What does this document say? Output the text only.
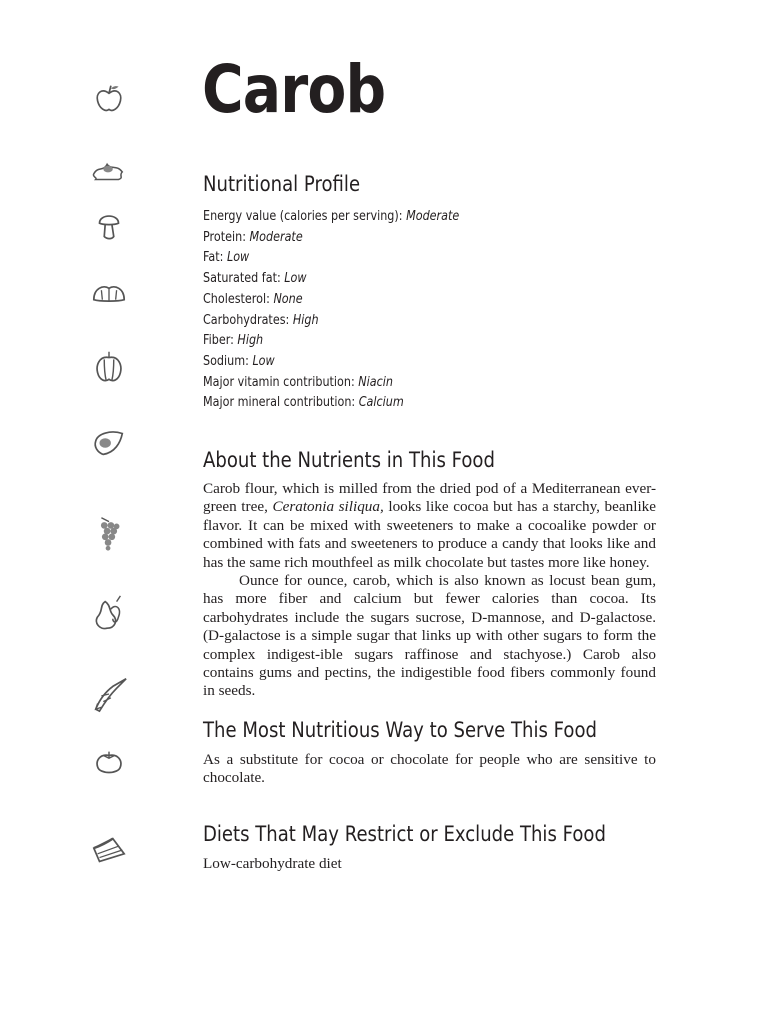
Carob
Nutritional Profile
Energy value (calories per serving): Moderate
Protein: Moderate
Fat: Low
Saturated fat: Low
Cholesterol: None
Carbohydrates: High
Fiber: High
Sodium: Low
Major vitamin contribution: Niacin
Major mineral contribution: Calcium
About the Nutrients in This Food

Carob flour, which is milled from the dried pod of a Mediterranean ever-green tree, Ceratonia siliqua, looks like cocoa but has a starchy, beanlike flavor. It can be mixed with sweeteners to make a cocoalike powder or combined with fats and sweeteners to produce a candy that looks like and has the same rich mouthfeel as milk chocolate but tastes more like honey.

Ounce for ounce, carob, which is also known as locust bean gum, has more fiber and calcium but fewer calories than cocoa. Its carbohydrates include the sugars sucrose, D-mannose, and D-galactose. (D-galactose is a simple sugar that links up with other sugars to form the complex indigest-ible sugars raffinose and stachyose.) Carob also contains gums and pectins, the indigestible food fibers commonly found in seeds.

The Most Nutritious Way to Serve This Food

As a substitute for cocoa or chocolate for people who are sensitive to chocolate.

Diets That May Restrict or Exclude This Food

Low-carbohydrate diet
